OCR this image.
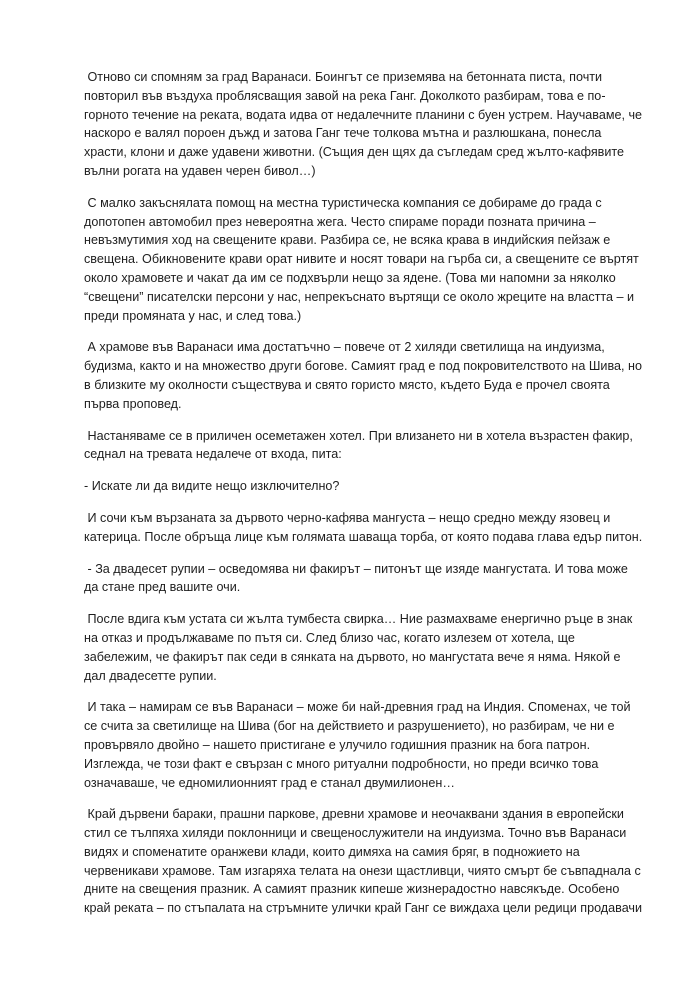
Отново си спомням за град Варанаси. Боингът се приземява на бетонната писта, почти повторил във въздуха проблясващия завой на река Ганг. Доколкото разбирам, това е по-горното течение на реката, водата идва от недалечните планини с буен устрем. Научаваме, че наскоро е валял пороен дъжд и затова Ганг тече толкова мътна и разлюшкана, понесла храсти, клони и даже удавени животни. (Същия ден щях да съгледам сред жълто-кафявите вълни рогата на удавен черен бивол…)

С малко закъснялата помощ на местна туристическа компания се добираме до града с допотопен автомобил през невероятна жега. Често спираме поради позната причина – невъзмутимия ход на свещените крави. Разбира се, не всяка крава в индийския пейзаж е свещена. Обикновените крави орат нивите и носят товари на гърба си, а свещените се въртят около храмовете и чакат да им се подхвърли нещо за ядене. (Това ми напомни за няколко “свещени” писателски персони у нас, непрекъснато въртящи се около жреците на властта – и преди промяната у нас, и след това.)

А храмове във Варанаси има достатъчно – повече от 2 хиляди светилища на индуизма, будизма, както и на множество други богове. Самият град е под покровителството на Шива, но в близките му околности съществува и свято гористо място, където Буда е прочел своята първа проповед.

Настаняваме се в приличен осеметажен хотел. При влизането ни в хотела възрастен факир, седнал на тревата недалече от входа, пита:

- Искате ли да видите нещо изключително?

И сочи към вързаната за дървото черно-кафява мангуста – нещо средно между язовец и катерица. После обръща лице към голямата шаваща торба, от която подава глава едър питон.

- За двадесет рупии – осведомява ни факирът – питонът ще изяде мангустата. И това може да стане пред вашите очи.

После вдига към устата си жълта тумбеста свирка… Ние размахваме енергично ръце в знак на отказ и продължаваме по пътя си. След близо час, когато излезем от хотела, ще забележим, че факирът пак седи в сянката на дървото, но мангустата вече я няма. Някой е дал двадесетте рупии.

И така – намирам се във Варанаси – може би най-древния град на Индия. Споменах, че той се счита за светилище на Шива (бог на действието и разрушението), но разбирам, че ни е провървяло двойно – нашето пристигане е улучило годишния празник на бога патрон. Изглежда, че този факт е свързан с много ритуални подробности, но преди всичко това означаваше, че едномилионният град е станал двумилионен…

Край дървени бараки, прашни паркове, древни храмове и неочаквани здания в европейски стил се тълпяха хиляди поклонници и свещенослужители на индуизма. Точно във Варанаси видях и споменатите оранжеви клади, които димяха на самия бряг, в подножието на червеникави храмове. Там изгаряха телата на онези щастливци, чиято смърт бе съвпаднала с дните на свещения празник. А самият празник кипеше жизнерадостно навсякъде. Особено край реката – по стъпалата на стръмните улички край Ганг се виждаха цели редици продавачи
